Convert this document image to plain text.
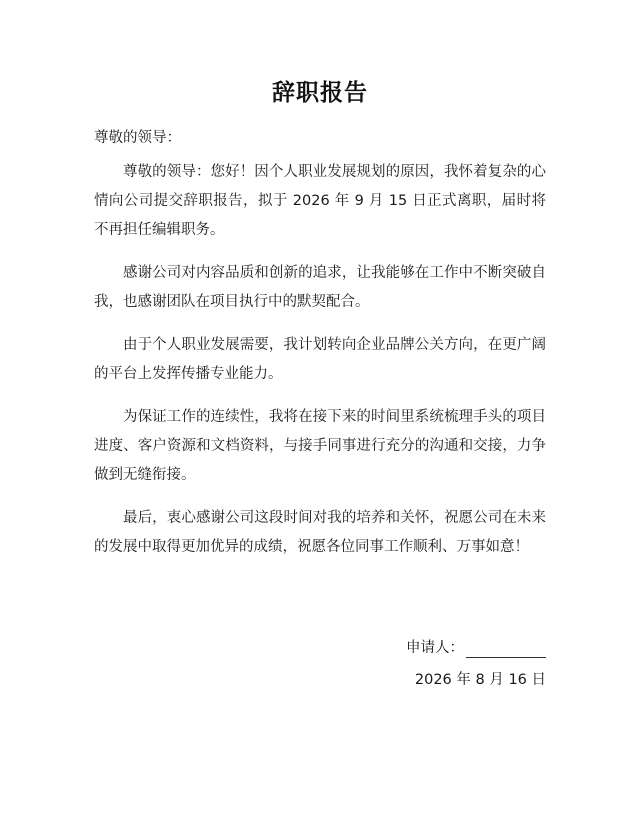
辞职报告

尊敬的领导：

尊敬的领导：您好！因个人职业发展规划的原因，我怀着复杂的心情向公司提交辞职报告，拟于 2026 年 9 月 15 日正式离职，届时将不再担任编辑职务。

感谢公司对内容品质和创新的追求，让我能够在工作中不断突破自我，也感谢团队在项目执行中的默契配合。

由于个人职业发展需要，我计划转向企业品牌公关方向，在更广阔的平台上发挥传播专业能力。

为保证工作的连续性，我将在接下来的时间里系统梳理手头的项目进度、客户资源和文档资料，与接手同事进行充分的沟通和交接，力争做到无缝衔接。

最后，衷心感谢公司这段时间对我的培养和关怀，祝愿公司在未来的发展中取得更加优异的成绩，祝愿各位同事工作顺利、万事如意！

申请人：

2026 年 8 月 16 日
